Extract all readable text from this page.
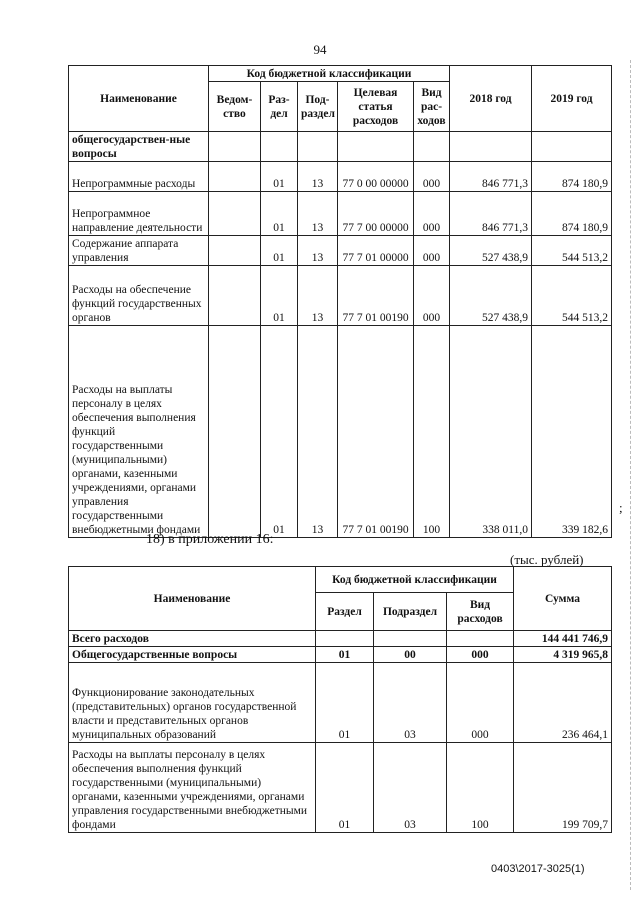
94
Наименование	Код бюджетной классификации					2018 год	2019 год
	Ведом-ство	Раз-дел	Под-раздел	Целевая статья расходов	Вид рас-ходов		
общегосударствен-ные вопросы							
Непрограммные расходы		01	13	77 0 00 00000	000	846 771,3	874 180,9
Непрограммное направление деятельности		01	13	77 7 00 00000	000	846 771,3	874 180,9
Содержание аппарата управления		01	13	77 7 01 00000	000	527 438,9	544 513,2
Расходы на обеспечение функций государственных органов		01	13	77 7 01 00190	000	527 438,9	544 513,2
Расходы на выплаты персоналу в целях обеспечения выполнения функций государственными (муниципальными) органами, казенными учреждениями, органами управления государственными внебюджетными фондами		01	13	77 7 01 00190	100	338 011,0	339 182,6
;
18) в приложении 16:
(тыс. рублей)
Наименование	Код бюджетной классификации			Сумма
	Раздел	Подраздел	Вид расходов	
Всего расходов				144 441 746,9
Общегосударственные вопросы	01	00	000	4 319 965,8
Функционирование законодательных (представительных) органов государственной власти и представительных органов муниципальных образований	01	03	000	236 464,1
Расходы на выплаты персоналу в целях обеспечения выполнения функций государственными (муниципальными) органами, казенными учреждениями, органами управления государственными внебюджетными фондами	01	03	100	199 709,7
0403\2017-3025(1)
